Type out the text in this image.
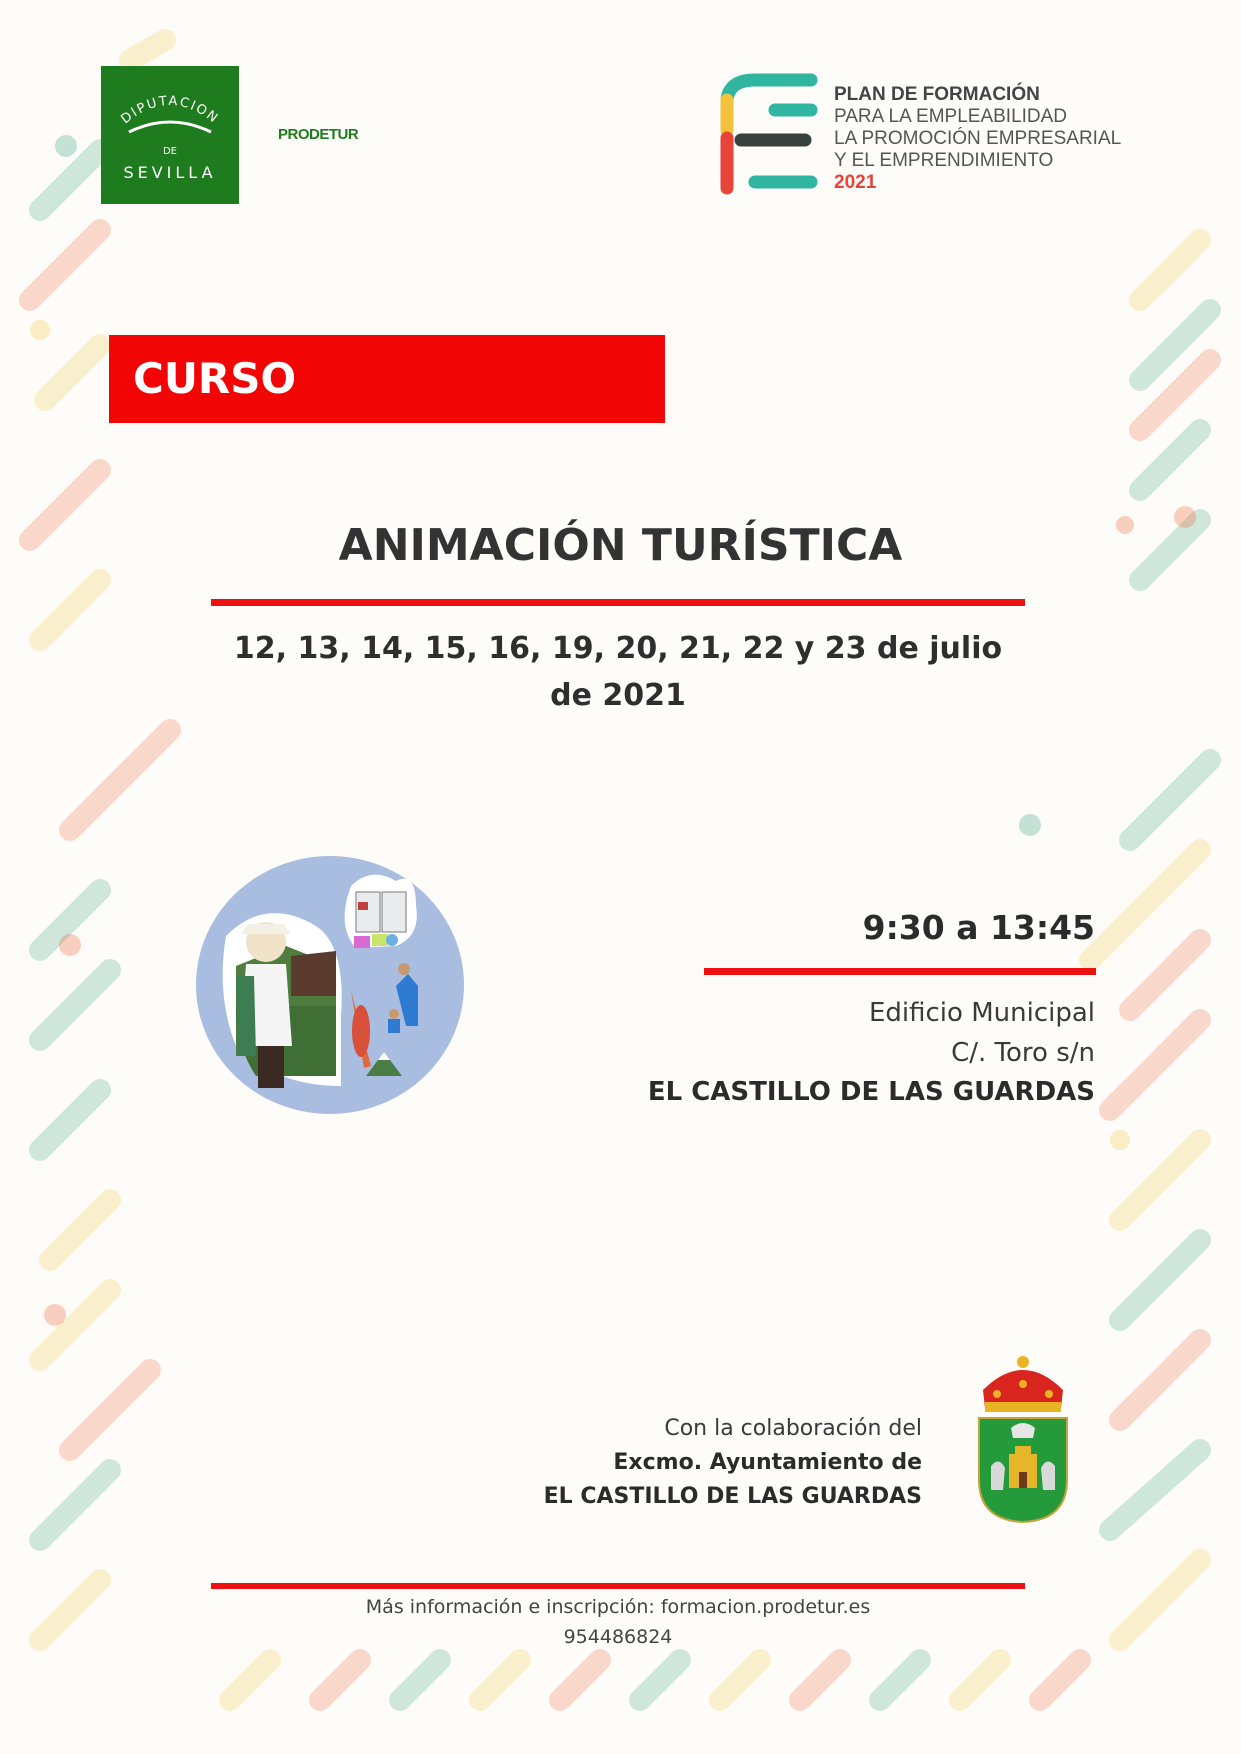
DIPUTACION
DE
SEVILLA
PRODETUR
PLAN DE FORMACIÓN
PARA LA EMPLEABILIDAD
LA PROMOCIÓN EMPRESARIAL
Y EL EMPRENDIMIENTO
2021
CURSO
ANIMACIÓN TURÍSTICA
12, 13, 14, 15, 16, 19, 20, 21, 22 y 23 de julio de 2021
9:30 a 13:45
Edificio Municipal
C/. Toro s/n
EL CASTILLO DE LAS GUARDAS
Con la colaboración del
Excmo. Ayuntamiento de
EL CASTILLO DE LAS GUARDAS
Más información e inscripción: formacion.prodetur.es
954486824
